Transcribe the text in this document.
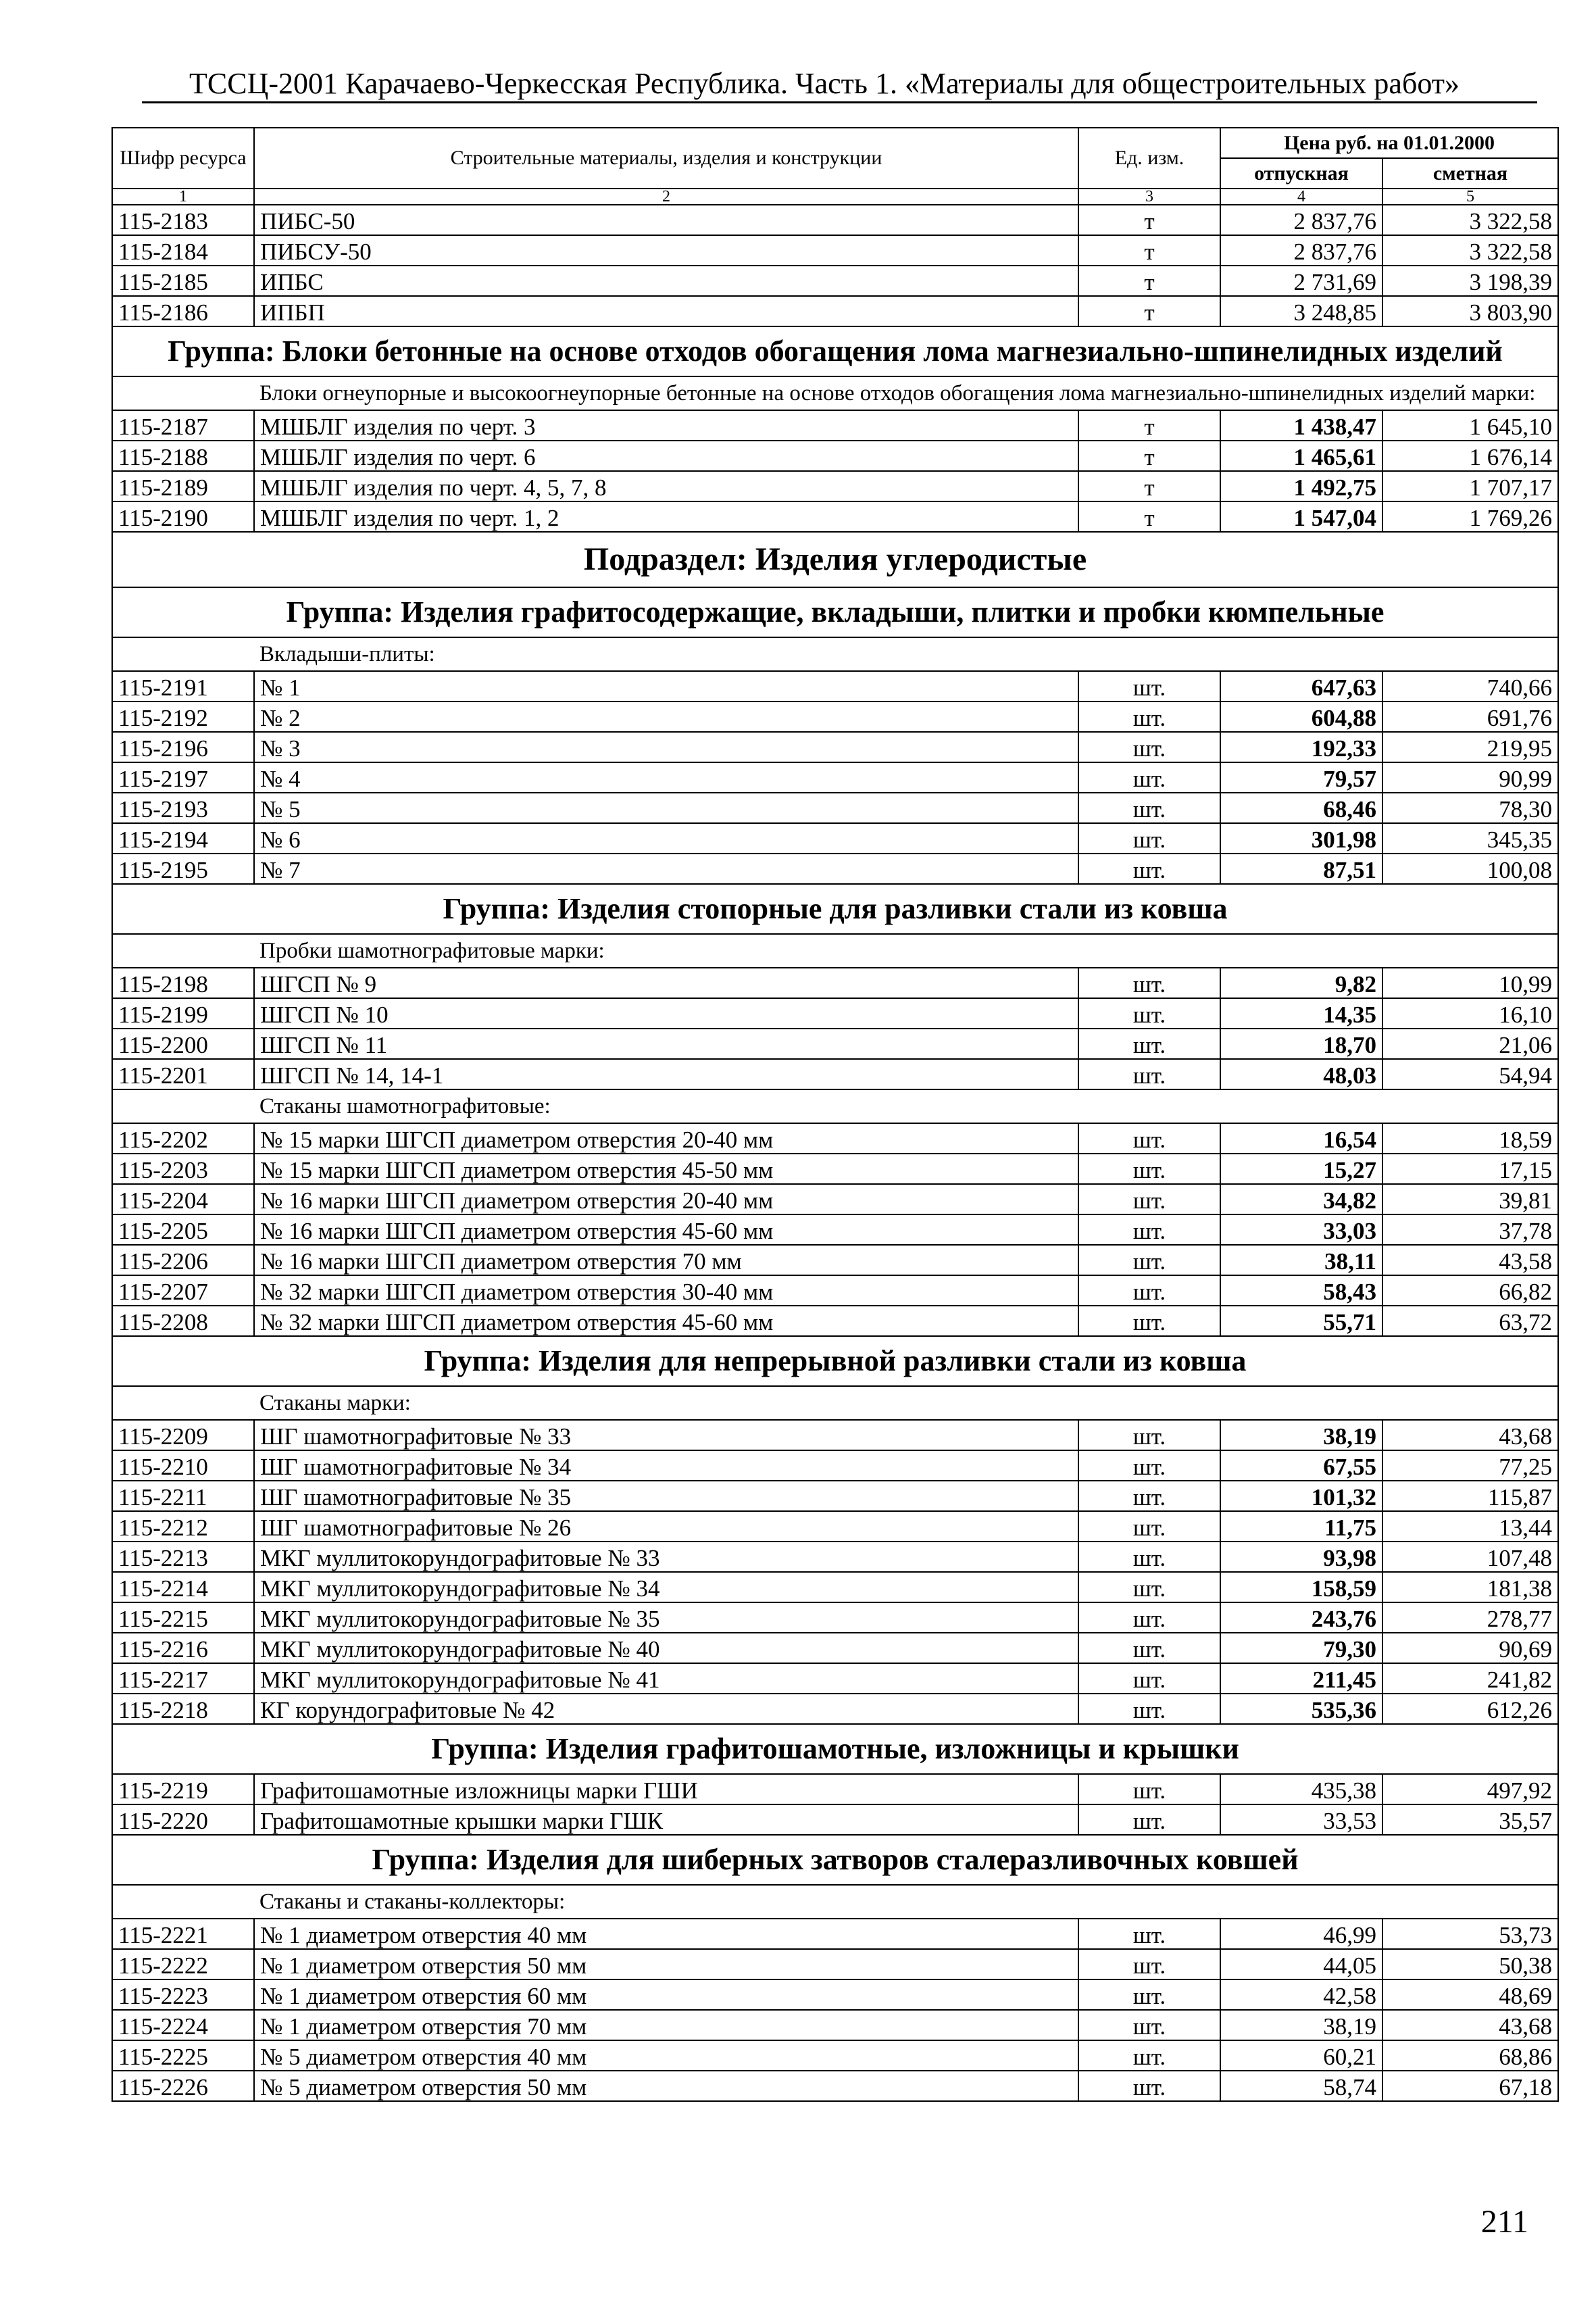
ТССЦ-2001 Карачаево-Черкесская Республика. Часть 1. «Материалы для общестроительных работ»
Шифр ресурса	Строительные материалы, изделия и конструкции	Ед. изм.	Цена руб. на 01.01.2000	
			отпускная	сметная
1	2	3	4	5
115-2183	ПИБС-50	т	2 837,76	3 322,58
115-2184	ПИБСУ-50	т	2 837,76	3 322,58
115-2185	ИПБС	т	2 731,69	3 198,39
115-2186	ИПБП	т	3 248,85	3 803,90
Группа: Блоки бетонные на основе отходов обогащения лома магнезиально-шпинелидных изделий				
	Блоки огнеупорные и высокоогнеупорные бетонные на основе отходов обогащения лома магнезиально-шпинелидных изделий марки:			
115-2187	МШБЛГ изделия по черт. 3	т	1 438,47	1 645,10
115-2188	МШБЛГ изделия по черт. 6	т	1 465,61	1 676,14
115-2189	МШБЛГ изделия по черт. 4, 5, 7, 8	т	1 492,75	1 707,17
115-2190	МШБЛГ изделия по черт. 1, 2	т	1 547,04	1 769,26
Подраздел: Изделия углеродистые				
Группа: Изделия графитосодержащие, вкладыши, плитки и пробки кюмпельные				
	Вкладыши-плиты:			
115-2191	№ 1	шт.	647,63	740,66
115-2192	№ 2	шт.	604,88	691,76
115-2196	№ 3	шт.	192,33	219,95
115-2197	№ 4	шт.	79,57	90,99
115-2193	№ 5	шт.	68,46	78,30
115-2194	№ 6	шт.	301,98	345,35
115-2195	№ 7	шт.	87,51	100,08
Группа: Изделия стопорные для разливки стали из ковша				
	Пробки шамотнографитовые марки:			
115-2198	ШГСП № 9	шт.	9,82	10,99
115-2199	ШГСП № 10	шт.	14,35	16,10
115-2200	ШГСП № 11	шт.	18,70	21,06
115-2201	ШГСП № 14, 14-1	шт.	48,03	54,94
	Стаканы шамотнографитовые:			
115-2202	№ 15 марки ШГСП диаметром отверстия 20-40 мм	шт.	16,54	18,59
115-2203	№ 15 марки ШГСП диаметром отверстия 45-50 мм	шт.	15,27	17,15
115-2204	№ 16 марки ШГСП диаметром отверстия 20-40 мм	шт.	34,82	39,81
115-2205	№ 16 марки ШГСП диаметром отверстия 45-60 мм	шт.	33,03	37,78
115-2206	№ 16 марки ШГСП диаметром отверстия 70 мм	шт.	38,11	43,58
115-2207	№ 32 марки ШГСП диаметром отверстия 30-40 мм	шт.	58,43	66,82
115-2208	№ 32 марки ШГСП диаметром отверстия 45-60 мм	шт.	55,71	63,72
Группа: Изделия для непрерывной разливки стали из ковша				
	Стаканы марки:			
115-2209	ШГ шамотнографитовые № 33	шт.	38,19	43,68
115-2210	ШГ шамотнографитовые № 34	шт.	67,55	77,25
115-2211	ШГ шамотнографитовые № 35	шт.	101,32	115,87
115-2212	ШГ шамотнографитовые № 26	шт.	11,75	13,44
115-2213	МКГ муллитокорундографитовые № 33	шт.	93,98	107,48
115-2214	МКГ муллитокорундографитовые № 34	шт.	158,59	181,38
115-2215	МКГ муллитокорундографитовые № 35	шт.	243,76	278,77
115-2216	МКГ муллитокорундографитовые № 40	шт.	79,30	90,69
115-2217	МКГ муллитокорундографитовые № 41	шт.	211,45	241,82
115-2218	КГ корундографитовые № 42	шт.	535,36	612,26
Группа: Изделия графитошамотные, изложницы и крышки				
115-2219	Графитошамотные изложницы марки ГШИ	шт.	435,38	497,92
115-2220	Графитошамотные крышки марки ГШК	шт.	33,53	35,57
Группа: Изделия для шиберных затворов сталеразливочных ковшей				
	Стаканы и стаканы-коллекторы:			
115-2221	№ 1 диаметром отверстия 40 мм	шт.	46,99	53,73
115-2222	№ 1 диаметром отверстия 50 мм	шт.	44,05	50,38
115-2223	№ 1 диаметром отверстия 60 мм	шт.	42,58	48,69
115-2224	№ 1 диаметром отверстия 70 мм	шт.	38,19	43,68
115-2225	№ 5 диаметром отверстия 40 мм	шт.	60,21	68,86
115-2226	№ 5 диаметром отверстия 50 мм	шт.	58,74	67,18
211
